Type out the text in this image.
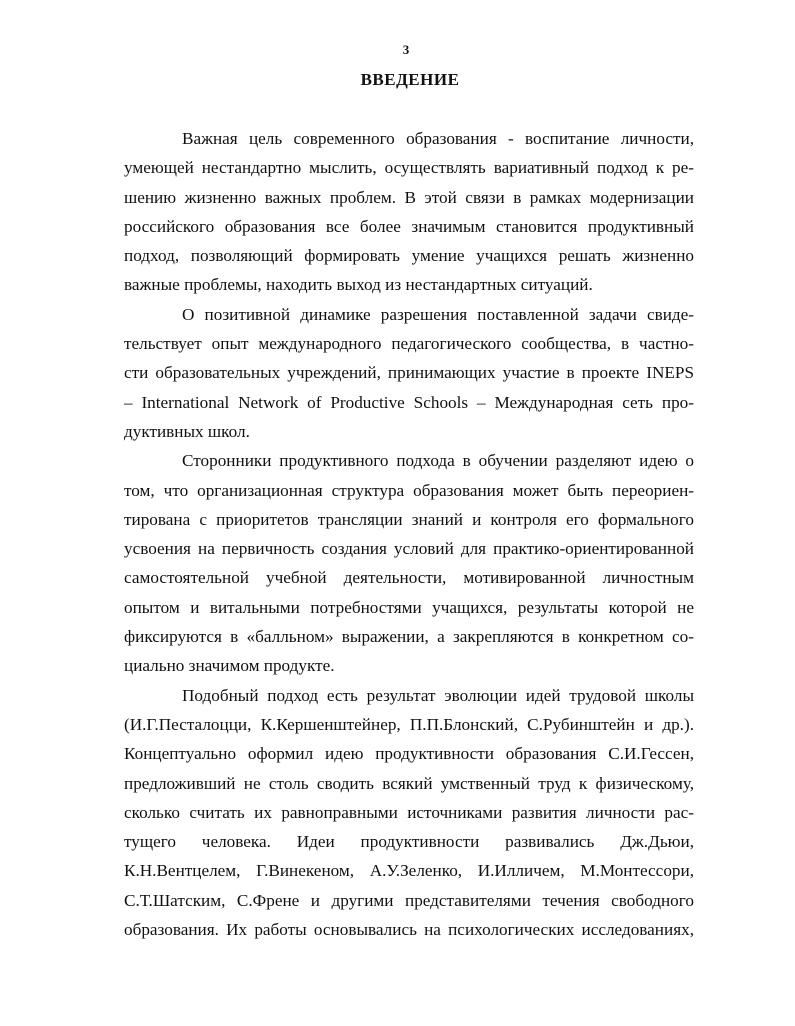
3
ВВЕДЕНИЕ

Важная цель современного образования - воспитание личности,
умеющей нестандартно мыслить, осуществлять вариативный подход к ре-
шению жизненно важных проблем. В этой связи в рамках модернизации
российского образования все более значимым становится продуктивный
подход, позволяющий формировать умение учащихся решать жизненно
важные проблемы, находить выход из нестандартных ситуаций.

О позитивной динамике разрешения поставленной задачи свиде-
тельствует опыт международного педагогического сообщества, в частно-
сти образовательных учреждений, принимающих участие в проекте INEPS
– International Network of Productive Schools – Международная сеть про-
дуктивных школ.

Сторонники продуктивного подхода в обучении разделяют идею о
том, что организационная структура образования может быть переориен-
тирована с приоритетов трансляции знаний и контроля его формального
усвоения на первичность создания условий для практико-ориентированной
самостоятельной учебной деятельности, мотивированной личностным
опытом и витальными потребностями учащихся, результаты которой не
фиксируются в «балльном» выражении, а закрепляются в конкретном со-
циально значимом продукте.

Подобный подход есть результат эволюции идей трудовой школы
(И.Г.Песталоцци, К.Кершенштейнер, П.П.Блонский, С.Рубинштейн и др.).
Концептуально оформил идею продуктивности образования С.И.Гессен,
предложивший не столь сводить всякий умственный труд к физическому,
сколько считать их равноправными источниками развития личности рас-
тущего человека. Идеи продуктивности развивались Дж.Дьюи,
К.Н.Вентцелем, Г.Винекеном, А.У.Зеленко, И.Илличем, М.Монтессори,
С.Т.Шатским, С.Френе и другими представителями течения свободного
образования. Их работы основывались на психологических исследованиях,
